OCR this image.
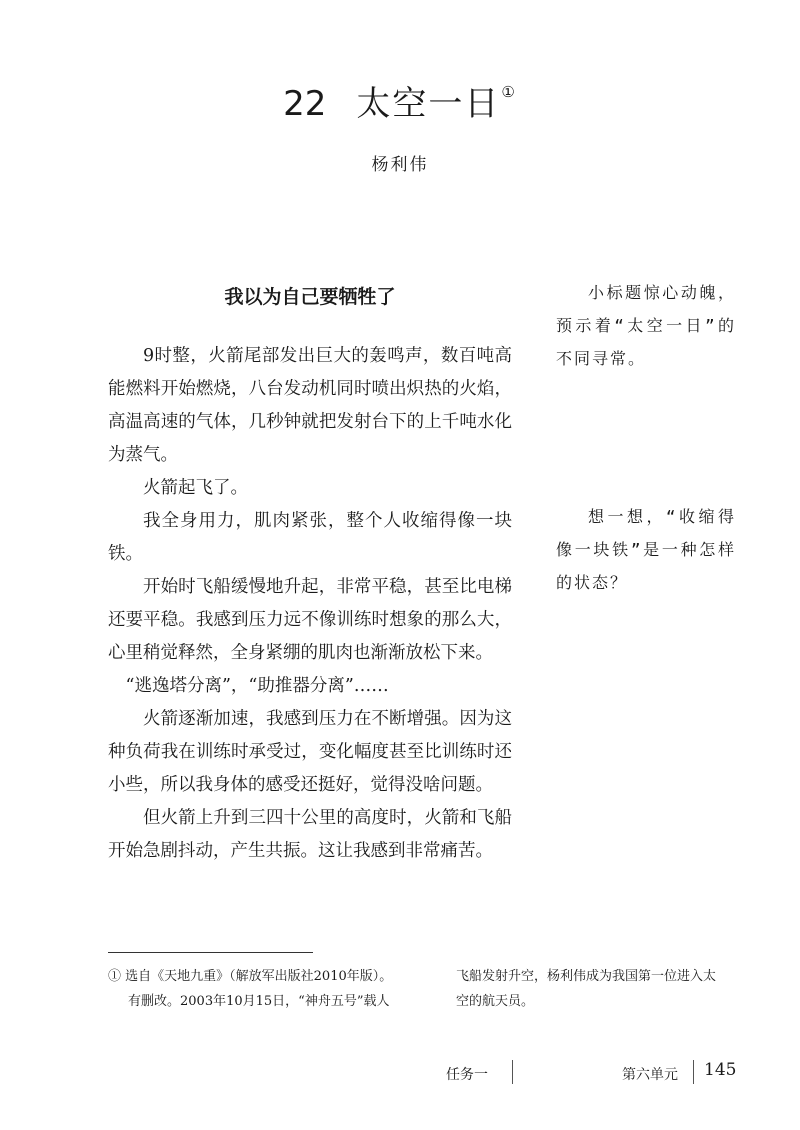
22 太空一日①
杨利伟
我以为自己要牺牲了

9时整，火箭尾部发出巨大的轰鸣声，数百吨高能燃料开始燃烧，八台发动机同时喷出炽热的火焰，高温高速的气体，几秒钟就把发射台下的上千吨水化为蒸气。

火箭起飞了。

我全身用力，肌肉紧张，整个人收缩得像一块铁。

开始时飞船缓慢地升起，非常平稳，甚至比电梯还要平稳。我感到压力远不像训练时想象的那么大，心里稍觉释然，全身紧绷的肌肉也渐渐放松下来。

“逃逸塔分离”，“助推器分离”……

火箭逐渐加速，我感到压力在不断增强。因为这种负荷我在训练时承受过，变化幅度甚至比训练时还小些，所以我身体的感受还挺好，觉得没啥问题。

但火箭上升到三四十公里的高度时，火箭和飞船开始急剧抖动，产生共振。这让我感到非常痛苦。

小标题惊心动魄，预示着“太空一日”的不同寻常。

想一想，“收缩得像一块铁”是一种怎样的状态？

① 选自《天地九重》（解放军出版社2010年版）。
有删改。2003年10月15日，“神舟五号”载人
飞船发射升空，杨利伟成为我国第一位进入太
空的航天员。
任务一	第六单元 145
